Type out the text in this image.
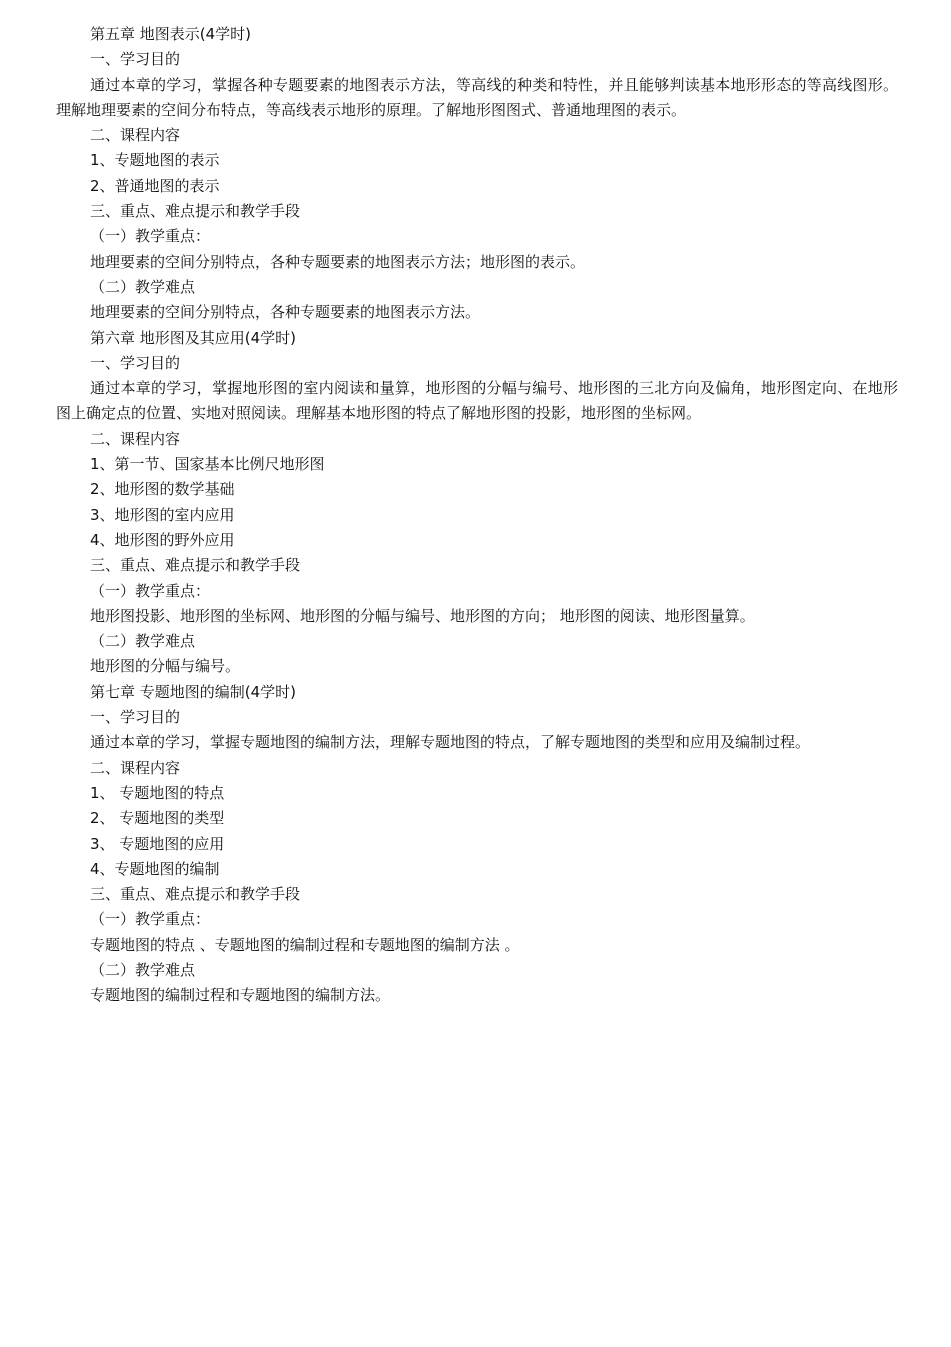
第五章 地图表示(4学时)
一、学习目的
通过本章的学习，掌握各种专题要素的地图表示方法，等高线的种类和特性，并且能够判读基本地形形态的等高线图形。理解地理要素的空间分布特点，等高线表示地形的原理。了解地形图图式、普通地理图的表示。
二、课程内容
1、专题地图的表示
2、普通地图的表示
三、重点、难点提示和教学手段
（一）教学重点：
地理要素的空间分别特点，各种专题要素的地图表示方法；地形图的表示。
（二）教学难点
地理要素的空间分别特点，各种专题要素的地图表示方法。
第六章 地形图及其应用(4学时)
一、学习目的
通过本章的学习，掌握地形图的室内阅读和量算，地形图的分幅与编号、地形图的三北方向及偏角，地形图定向、在地形图上确定点的位置、实地对照阅读。理解基本地形图的特点了解地形图的投影，地形图的坐标网。
二、课程内容
1、第一节、国家基本比例尺地形图
2、地形图的数学基础
3、地形图的室内应用
4、地形图的野外应用
三、重点、难点提示和教学手段
（一）教学重点：
地形图投影、地形图的坐标网、地形图的分幅与编号、地形图的方向； 地形图的阅读、地形图量算。
（二）教学难点
地形图的分幅与编号。
第七章 专题地图的编制(4学时)
一、学习目的
通过本章的学习，掌握专题地图的编制方法，理解专题地图的特点，了解专题地图的类型和应用及编制过程。
二、课程内容
1、 专题地图的特点
2、 专题地图的类型
3、 专题地图的应用
4、专题地图的编制
三、重点、难点提示和教学手段
（一）教学重点：
专题地图的特点 、专题地图的编制过程和专题地图的编制方法 。
（二）教学难点
专题地图的编制过程和专题地图的编制方法。
